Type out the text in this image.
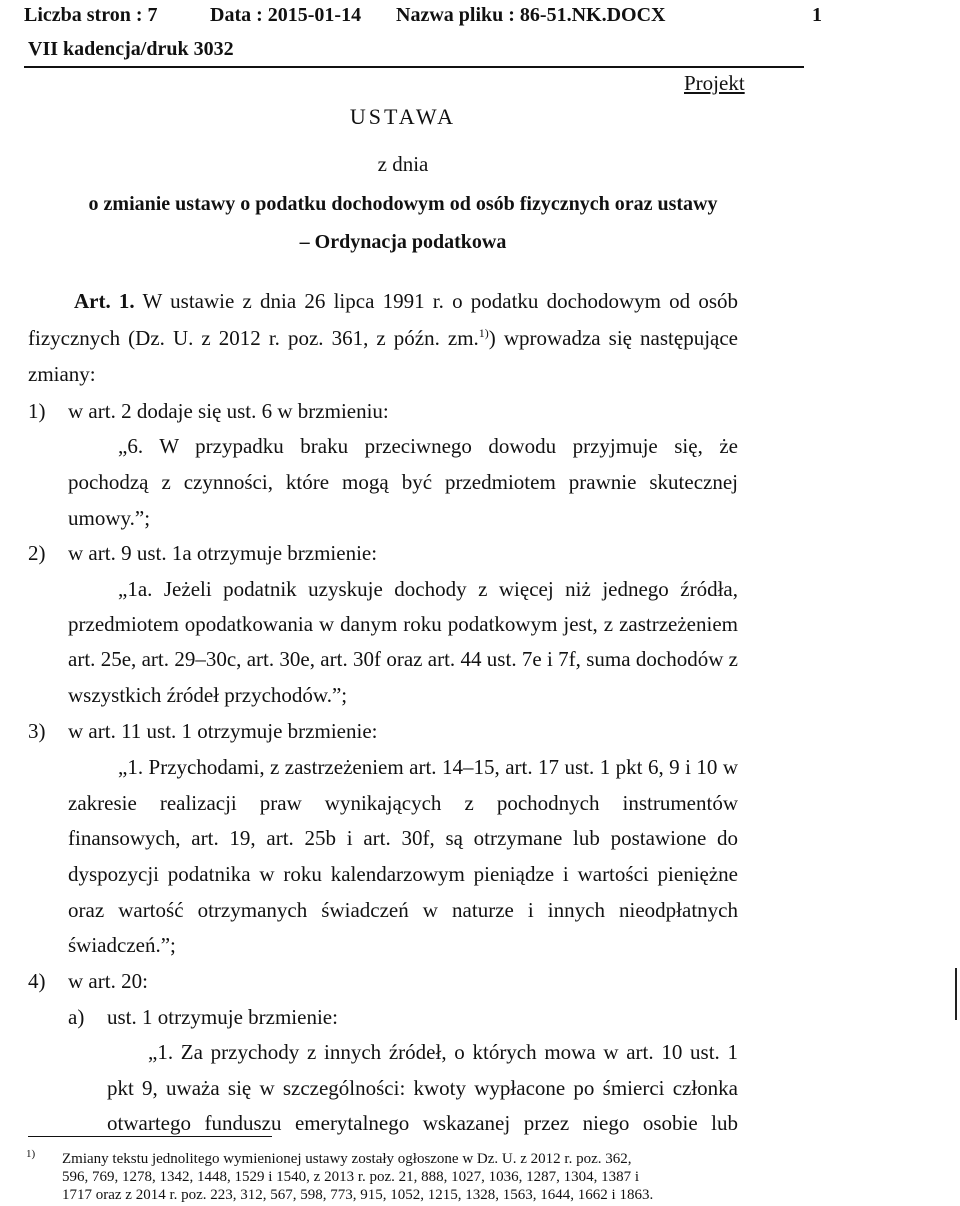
Liczba stron : 7	Data : 2015-01-14 Nazwa pliku : 86-51.NK.DOCX	1
VII kadencja/druk 3032
Projekt
USTAWA
z dnia
o zmianie ustawy o podatku dochodowym od osób fizycznych oraz ustawy
– Ordynacja podatkowa
Art. 1. W ustawie z dnia 26 lipca 1991 r. o podatku dochodowym od osób
fizycznych (Dz. U. z 2012 r. poz. 361, z późn. zm.$^{1)}$) wprowadza się następujące
zmiany:
1) w art. 2 dodaje się ust. 6 w brzmieniu:
„6. W przypadku braku przeciwnego dowodu przyjmuje się, że
pochodzą z czynności, które mogą być przedmiotem prawnie skutecznej
umowy.”;
2) w art. 9 ust. 1a otrzymuje brzmienie:
„1a. Jeżeli podatnik uzyskuje dochody z więcej niż jednego źródła,
przedmiotem opodatkowania w danym roku podatkowym jest, z zastrzeżeniem
art. 25e, art. 29–30c, art. 30e, art. 30f oraz art. 44 ust. 7e i 7f, suma dochodów z
wszystkich źródeł przychodów.”;
3) w art. 11 ust. 1 otrzymuje brzmienie:
„1. Przychodami, z zastrzeżeniem art. 14–15, art. 17 ust. 1 pkt 6, 9 i 10 w
zakresie realizacji praw wynikających z pochodnych instrumentów
finansowych, art. 19, art. 25b i art. 30f, są otrzymane lub postawione do
dyspozycji podatnika w roku kalendarzowym pieniądze i wartości pieniężne
oraz wartość otrzymanych świadczeń w naturze i innych nieodpłatnych
świadczeń.”;
4) w art. 20:
a) ust. 1 otrzymuje brzmienie:
„1. Za przychody z innych źródeł, o których mowa w art. 10 ust. 1
pkt 9, uważa się w szczególności: kwoty wypłacone po śmierci członka
otwartego funduszu emerytalnego wskazanej przez niego osobie lub
1) Zmiany tekstu jednolitego wymienionej ustawy zostały ogłoszone w Dz. U. z 2012 r. poz. 362,
596, 769, 1278, 1342, 1448, 1529 i 1540, z 2013 r. poz. 21, 888, 1027, 1036, 1287, 1304, 1387 i
1717 oraz z 2014 r. poz. 223, 312, 567, 598, 773, 915, 1052, 1215, 1328, 1563, 1644, 1662 i 1863.
